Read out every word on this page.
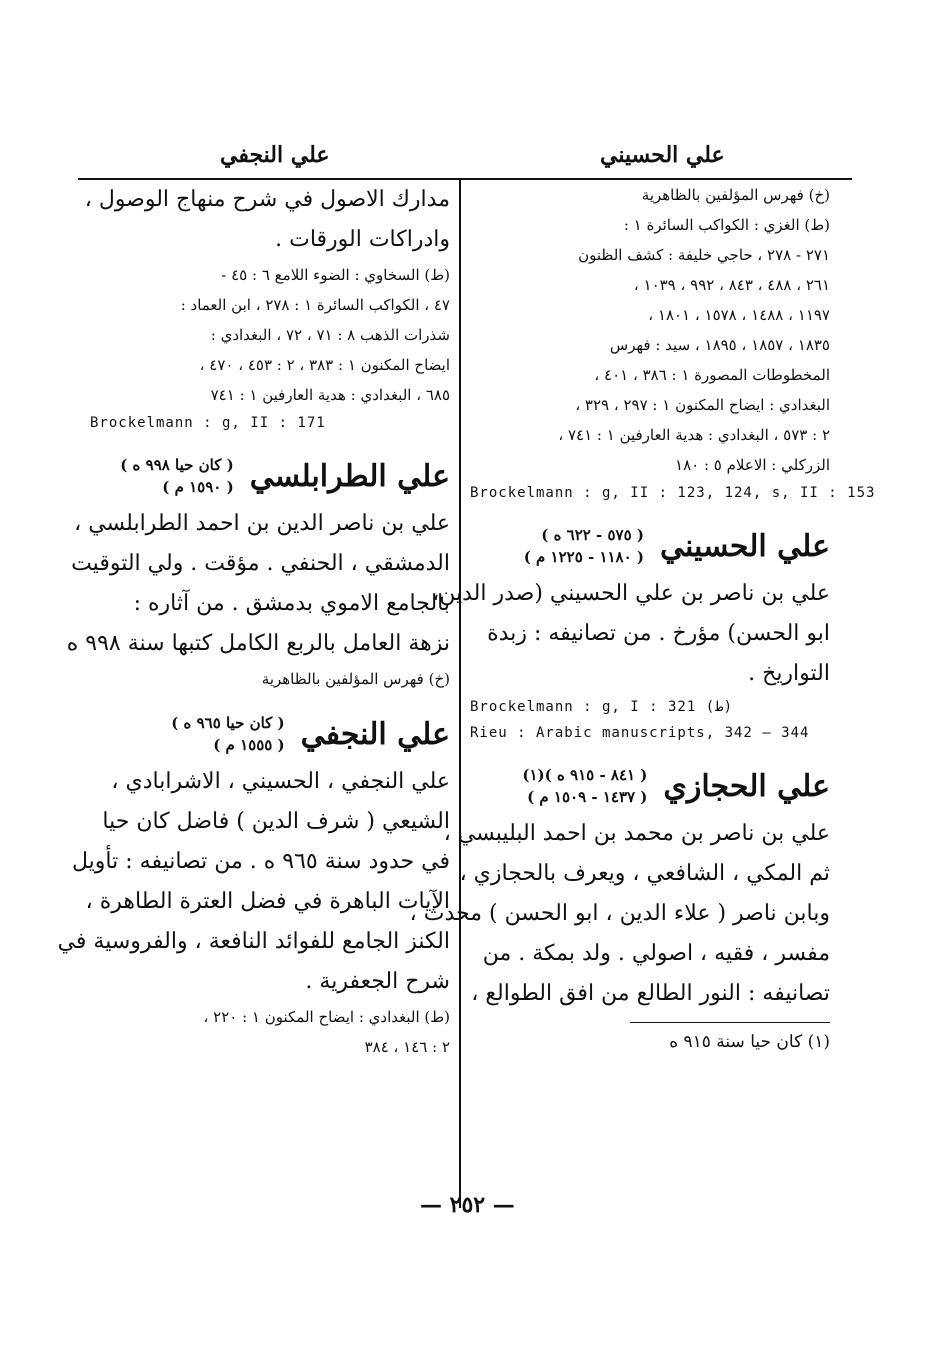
علي الحسيني
علي النجفي
(خ) فهرس المؤلفين بالظاهرية
(ط) الغزي : الكواكب السائرة ١ :
٢٧١ - ٢٧٨ ، حاجي خليفة : كشف الظنون
٢٦١ ، ٤٨٨ ، ٨٤٣ ، ٩٩٢ ، ١٠٣٩ ،
١١٩٧ ، ١٤٨٨ ، ١٥٧٨ ، ١٨٠١ ،
١٨٣٥ ، ١٨٥٧ ، ١٨٩٥ ، سيد : فهرس
المخطوطات المصورة ١ : ٣٨٦ ، ٤٠١ ،
البغدادي : ايضاح المكنون ١ : ٢٩٧ ، ٣٢٩ ،
٢ : ٥٧٣ ، البغدادي : هدية العارفين ١ : ٧٤١ ،
الزركلي : الاعلام ٥ : ١٨٠
Brockelmann : g, II : 123, 124, s, II : 153
علي الحسيني
( ٥٧٥ - ٦٢٢ ه )
( ١١٨٠ - ١٢٢٥ م )
علي بن ناصر بن علي الحسيني (صدر الدين،
ابو الحسن) مؤرخ . من تصانيفه : زبدة
التواريخ .
Brockelmann : g, I : 321 (ط)
Rieu : Arabic manuscripts, 342 — 344
علي الحجازي
( ٨٤١ - ٩١٥ ه )(١)
( ١٤٣٧ - ١٥٠٩ م )
علي بن ناصر بن محمد بن احمد البليبسي ،
ثم المكي ، الشافعي ، ويعرف بالحجازي ،
وبابن ناصر ( علاء الدين ، ابو الحسن ) محدث ،
مفسر ، فقيه ، اصولي . ولد بمكة . من
تصانيفه : النور الطالع من افق الطوالع ،
(١) كان حيا سنة ٩١٥ ه
مدارك الاصول في شرح منهاج الوصول ،
وادراكات الورقات .
(ط) السخاوي : الضوء اللامع ٦ : ٤٥ -
٤٧ ، الكواكب السائرة ١ : ٢٧٨ ، ابن العماد :
شذرات الذهب ٨ : ٧١ ، ٧٢ ، البغدادي :
ايضاح المكنون ١ : ٣٨٣ ، ٢ : ٤٥٣ ، ٤٧٠ ،
٦٨٥ ، البغدادي : هدية العارفين ١ : ٧٤١
Brockelmann : g, II : 171
علي الطرابلسي
( كان حيا ٩٩٨ ه )
( ١٥٩٠ م )
علي بن ناصر الدين بن احمد الطرابلسي ،
الدمشقي ، الحنفي . مؤقت . ولي التوقيت
بالجامع الاموي بدمشق . من آثاره :
نزهة العامل بالربع الكامل كتبها سنة ٩٩٨ ه
(خ) فهرس المؤلفين بالظاهرية
علي النجفي
( كان حيا ٩٦٥ ه )
( ١٥٥٥ م )
علي النجفي ، الحسيني ، الاشرابادي ،
الشيعي ( شرف الدين ) فاضل كان حيا
في حدود سنة ٩٦٥ ه . من تصانيفه : تأويل
الآيات الباهرة في فضل العترة الطاهرة ،
الكنز الجامع للفوائد النافعة ، والفروسية في
شرح الجعفرية .
(ط) البغدادي : ايضاح المكنون ١ : ٢٢٠ ،
٢ : ١٤٦ ، ٣٨٤
— ٢٥٢ —
